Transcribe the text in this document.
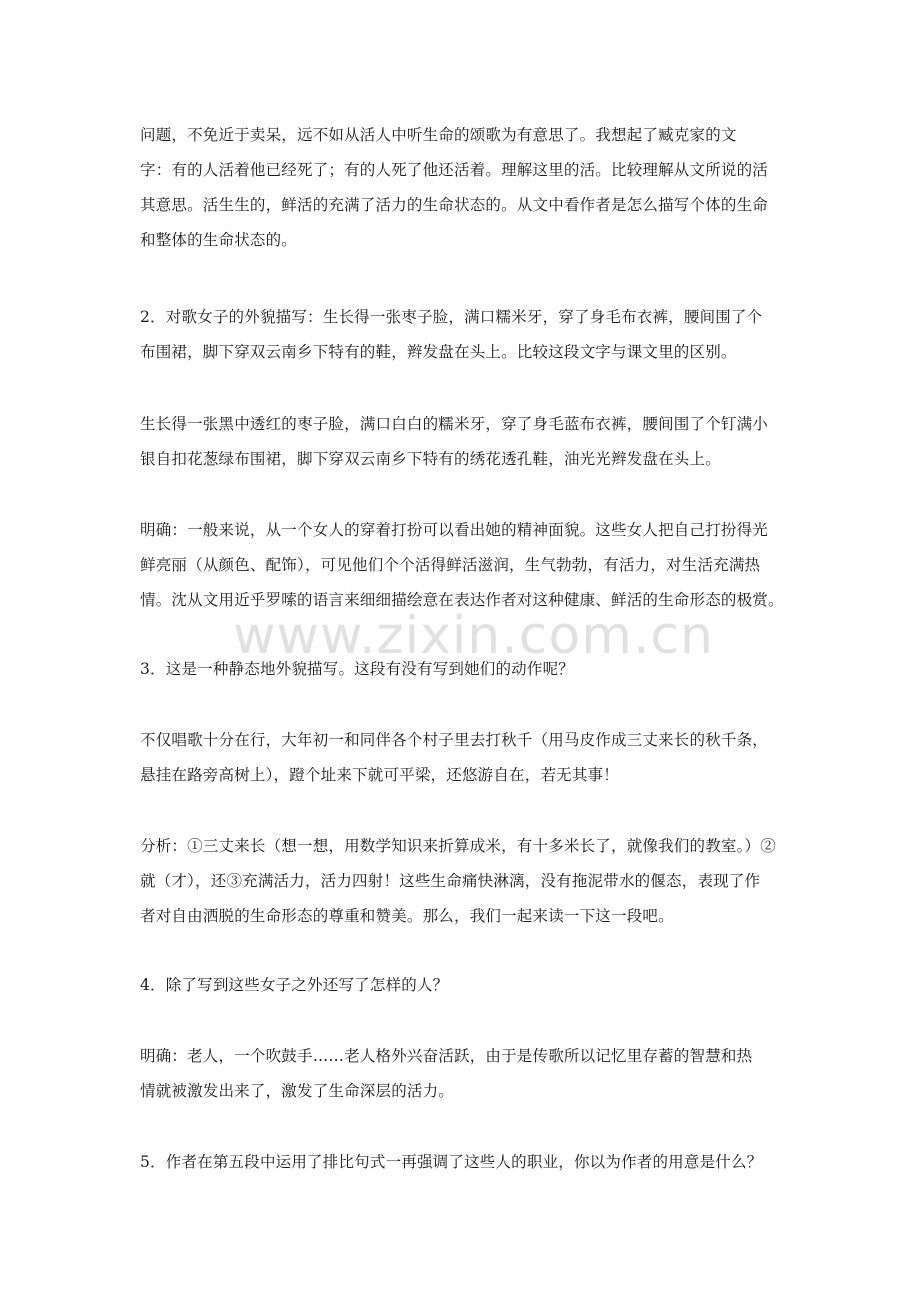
问题，不免近于卖呆，远不如从活人中听生命的颂歌为有意思了。我想起了臧克家的文
字：有的人活着他已经死了；有的人死了他还活着。理解这里的活。比较理解从文所说的活
其意思。活生生的，鲜活的充满了活力的生命状态的。从文中看作者是怎么描写个体的生命
和整体的生命状态的。

2．对歌女子的外貌描写：生长得一张枣子脸，满口糯米牙，穿了身毛布衣裤，腰间围了个
布围裙，脚下穿双云南乡下特有的鞋，辫发盘在头上。比较这段文字与课文里的区别。

生长得一张黑中透红的枣子脸，满口白白的糯米牙，穿了身毛蓝布衣裤，腰间围了个钉满小
银自扣花葱绿布围裙，脚下穿双云南乡下特有的绣花透孔鞋，油光光辫发盘在头上。

明确：一般来说，从一个女人的穿着打扮可以看出她的精神面貌。这些女人把自己打扮得光
鲜亮丽（从颜色、配饰），可见他们个个活得鲜活滋润，生气勃勃，有活力，对生活充满热
情。沈从文用近乎罗嗦的语言来细细描绘意在表达作者对这种健康、鲜活的生命形态的极赏。

3．这是一种静态地外貌描写。这段有没有写到她们的动作呢？

不仅唱歌十分在行，大年初一和同伴各个村子里去打秋千（用马皮作成三丈来长的秋千条，
悬挂在路旁高树上），蹬个址来下就可平梁，还悠游自在，若无其事！

分析：①三丈来长（想一想，用数学知识来折算成米，有十多米长了，就像我们的教室。）②
就（才），还③充满活力，活力四射！这些生命痛快淋漓，没有拖泥带水的偃态，表现了作
者对自由洒脱的生命形态的尊重和赞美。那么，我们一起来读一下这一段吧。

4．除了写到这些女子之外还写了怎样的人？

明确：老人，一个吹鼓手……老人格外兴奋活跃，由于是传歌所以记忆里存蓄的智慧和热
情就被激发出来了，激发了生命深层的活力。

5．作者在第五段中运用了排比句式一再强调了这些人的职业，你以为作者的用意是什么？

www.zixin.com.cn
